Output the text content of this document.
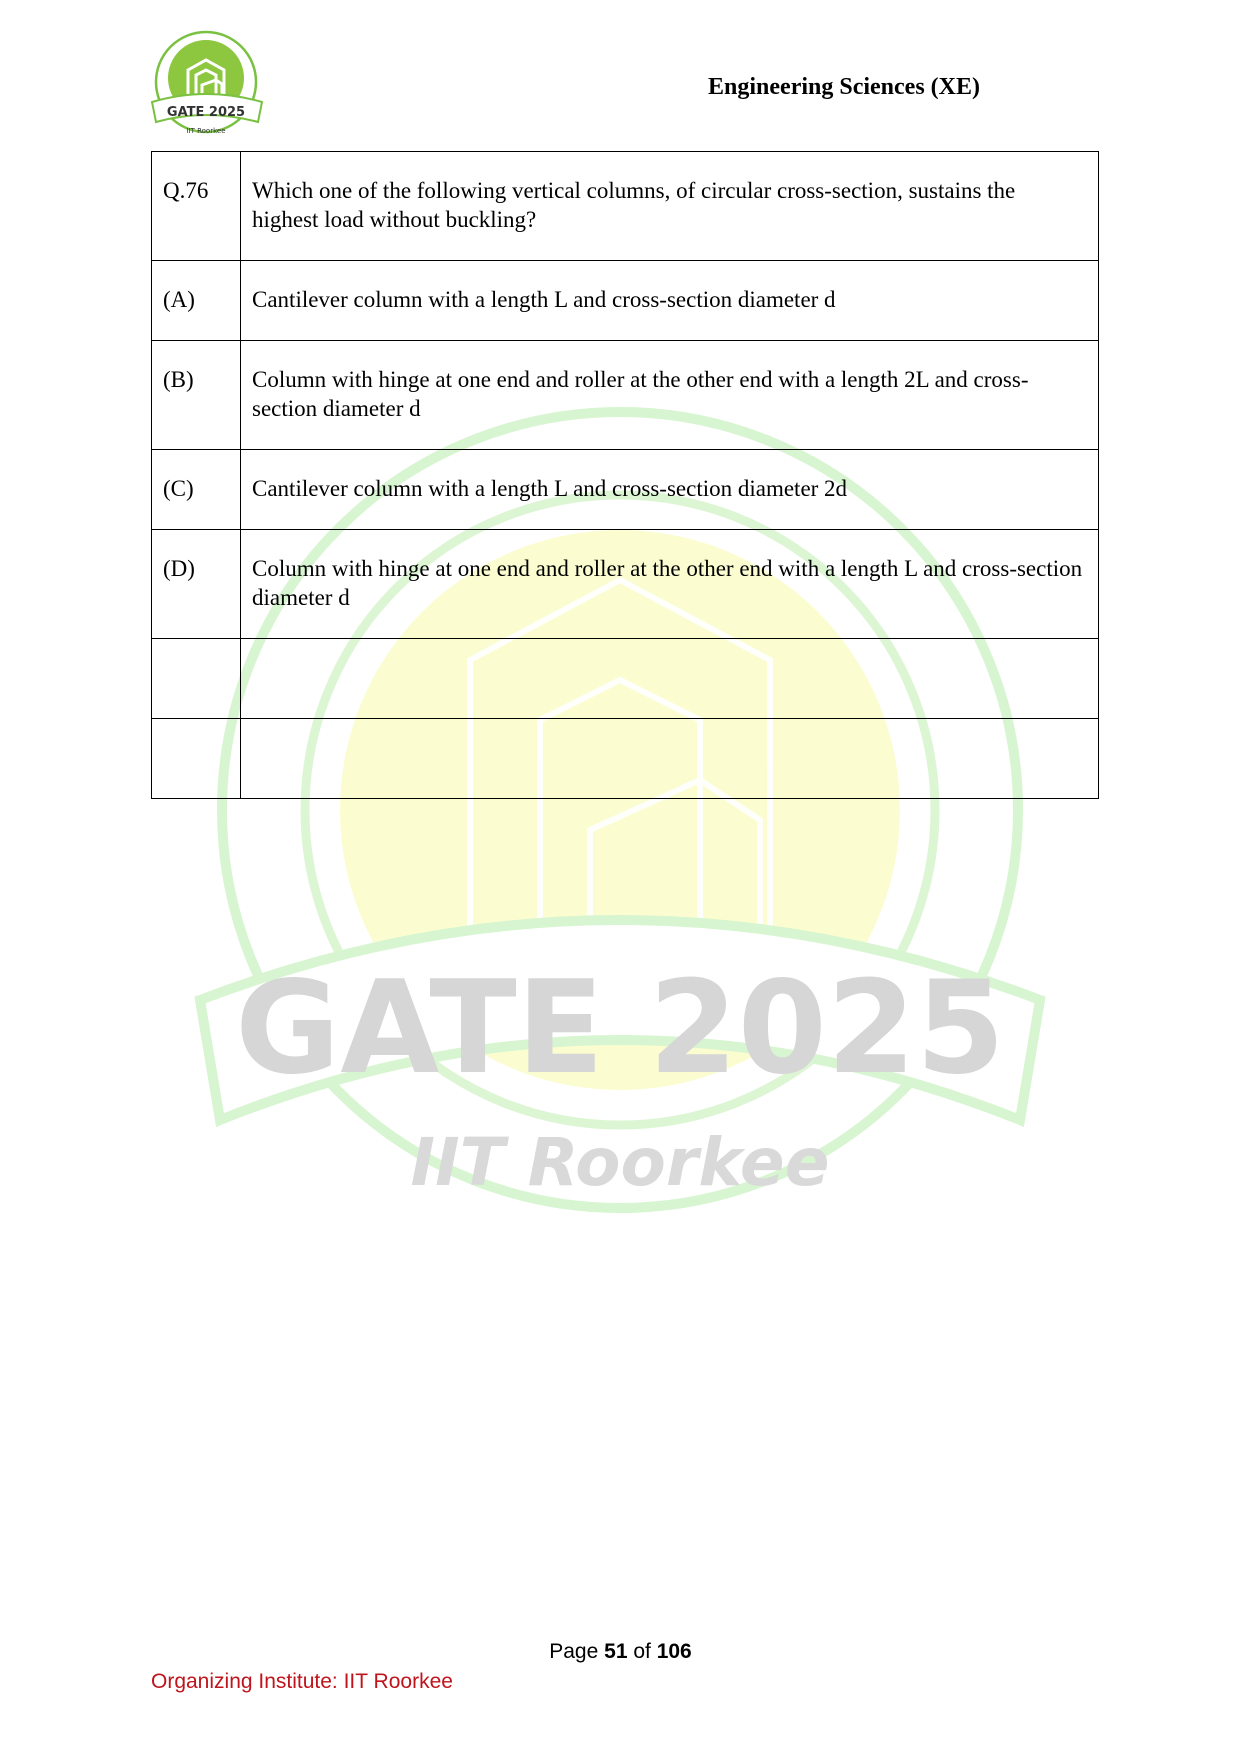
GATE 2025
IIT Roorkee
GATE 2025
IIT Roorkee
Engineering Sciences (XE)
Q.76	Which one of the following vertical columns, of circular cross-section, sustains the highest load without buckling?
(A)	Cantilever column with a length L and cross-section diameter d
(B)	Column with hinge at one end and roller at the other end with a length 2L and cross-section diameter d
(C)	Cantilever column with a length L and cross-section diameter 2d
(D)	Column with hinge at one end and roller at the other end with a length L and cross-section diameter d

Page 51 of 106
Organizing Institute: IIT Roorkee
